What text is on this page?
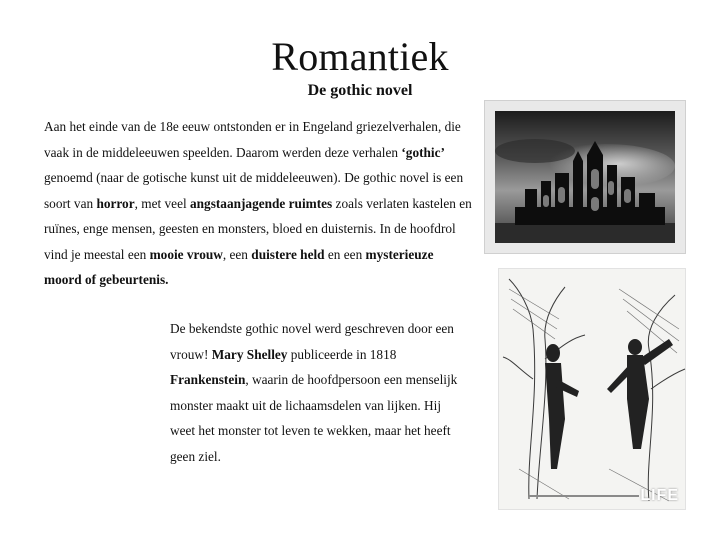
Romantiek
De gothic novel

Aan het einde van de 18e eeuw ontstonden er in Engeland griezelverhalen, die vaak in de middeleeuwen speelden. Daarom werden deze verhalen ‘gothic’ genoemd (naar de gotische kunst uit de middeleeuwen). De gothic novel is een soort van horror, met veel angstaanjagende ruimtes zoals verlaten kastelen en ruïnes, enge mensen, geesten en monsters, bloed en duisternis. In de hoofdrol vind je meestal een mooie vrouw, een duistere held en een mysterieuze moord of gebeurtenis.

De bekendste gothic novel werd geschreven door een vrouw! Mary Shelley publiceerde in 1818 Frankenstein, waarin de hoofdpersoon een menselijk monster maakt uit de lichaamsdelen van lijken. Hij weet het monster tot leven te wekken, maar het heeft geen ziel.

LIFE
